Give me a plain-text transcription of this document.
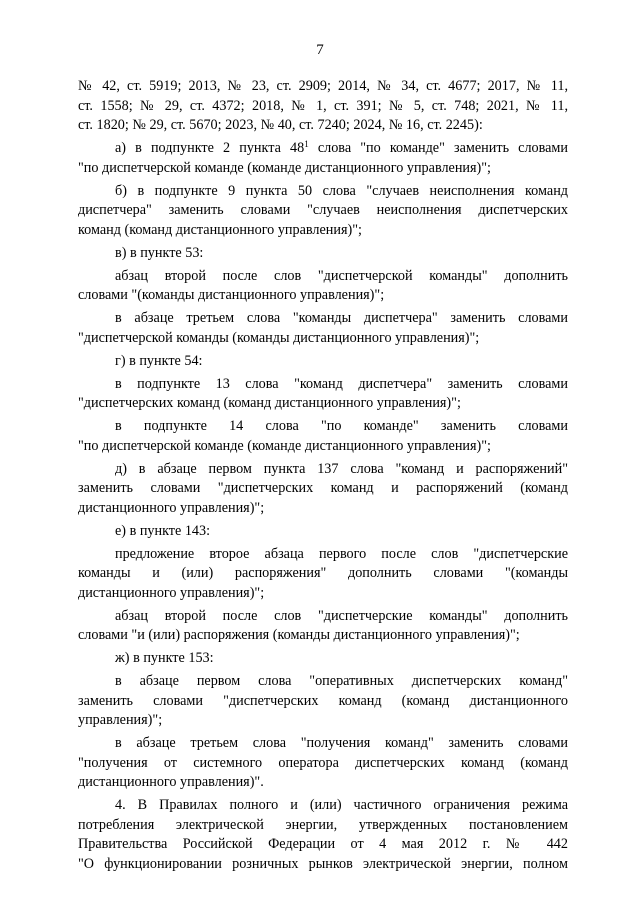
7
№ 42, ст. 5919; 2013, № 23, ст. 2909; 2014, № 34, ст. 4677; 2017, № 11,
ст. 1558; № 29, ст. 4372; 2018, № 1, ст. 391; № 5, ст. 748; 2021, № 11,
ст. 1820; № 29, ст. 5670; 2023, № 40, ст. 7240; 2024, № 16, ст. 2245):
а) в подпункте 2 пункта $48^1$ слова "по команде" заменить словами
"по диспетчерской команде (команде дистанционного управления)";
б) в подпункте 9 пункта 50 слова "случаев неисполнения команд
диспетчера" заменить словами "случаев неисполнения диспетчерских
команд (команд дистанционного управления)";
в) в пункте 53:
абзац второй после слов "диспетчерской команды" дополнить
словами "(команды дистанционного управления)";
в абзаце третьем слова "команды диспетчера" заменить словами
"диспетчерской команды (команды дистанционного управления)";
г) в пункте 54:
в подпункте 13 слова "команд диспетчера" заменить словами
"диспетчерских команд (команд дистанционного управления)";
в подпункте 14 слова "по команде" заменить словами
"по диспетчерской команде (команде дистанционного управления)";
д) в абзаце первом пункта 137 слова "команд и распоряжений"
заменить словами "диспетчерских команд и распоряжений (команд
дистанционного управления)";
е) в пункте 143:
предложение второе абзаца первого после слов "диспетчерские
команды и (или) распоряжения" дополнить словами "(команды
дистанционного управления)";
абзац второй после слов "диспетчерские команды" дополнить
словами "и (или) распоряжения (команды дистанционного управления)";
ж) в пункте 153:
в абзаце первом слова "оперативных диспетчерских команд"
заменить словами "диспетчерских команд (команд дистанционного
управления)";
в абзаце третьем слова "получения команд" заменить словами
"получения от системного оператора диспетчерских команд (команд
дистанционного управления)".
4. В Правилах полного и (или) частичного ограничения режима
потребления электрической энергии, утвержденных постановлением
Правительства Российской Федерации от 4 мая 2012 г. № 442
"О функционировании розничных рынков электрической энергии, полном
